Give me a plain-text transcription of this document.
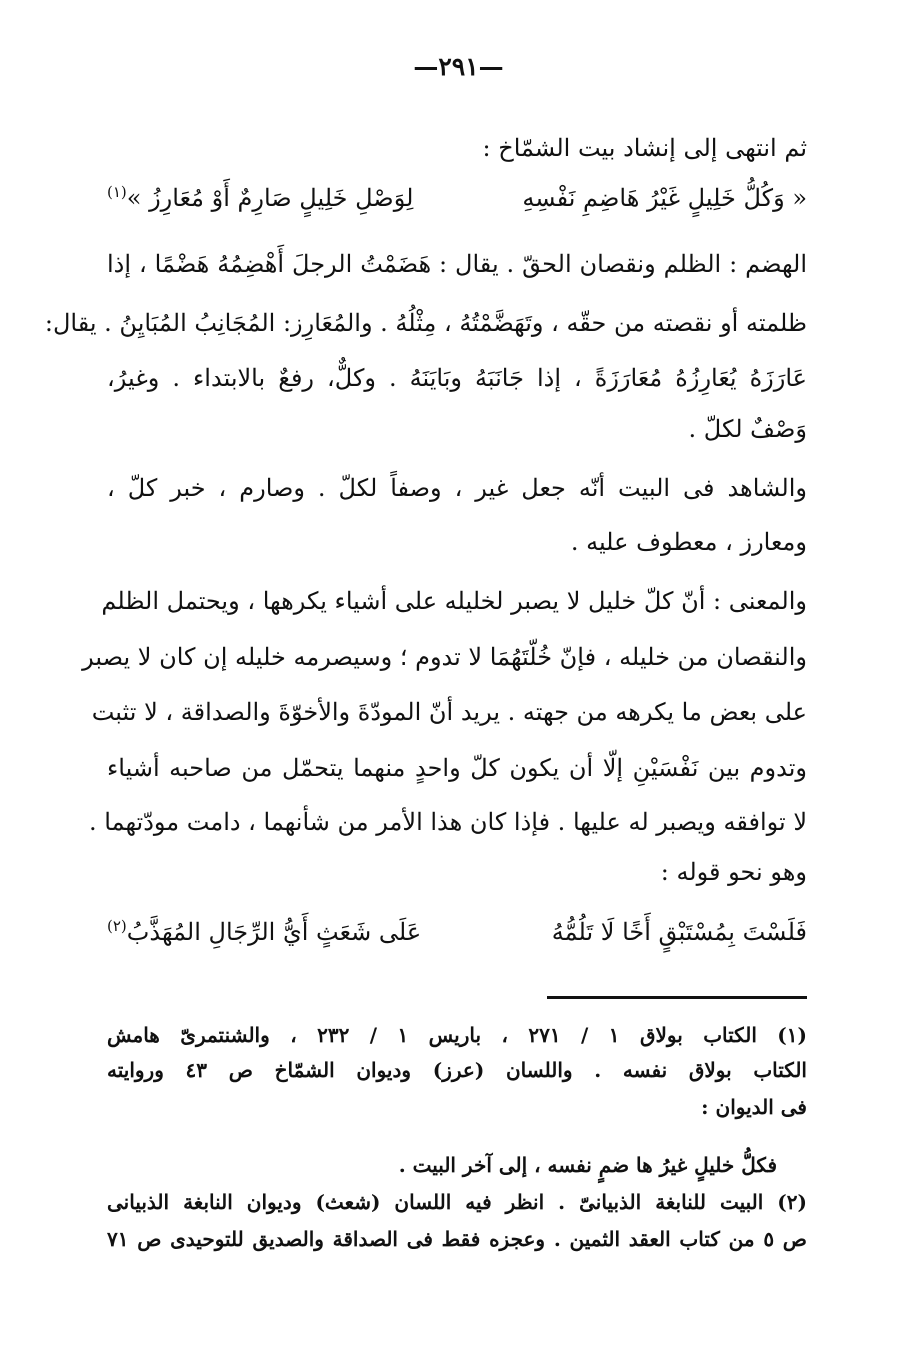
—٢٩١—
ثم انتهى إلى إنشاد بيت الشمّاخ :
« وَكُلُّ خَلِيلٍ غَيْرُ هَاضِمِ نَفْسِهِ
لِوَصْلِ خَلِيلٍ صَارِمٌ أَوْ مُعَارِزُ »$^{(١)}$
الهضم : الظلم ونقصان الحقّ . يقال : هَضَمْتُ الرجلَ أَهْضِمُهُ هَضْمًا ، إذا
ظلمته أو نقصته من حقّه ، وتَهَضَّمْتُهُ ، مِثْلُهُ . والمُعَارِز: المُجَانِبُ المُبَايِنُ . يقال:
عَارَزَهُ يُعَارِزُهُ مُعَارَزَةً ، إذا جَانَبَهُ وبَايَنَهُ . وكلٌّ، رفعٌ بالابتداء . وغيرُ،
وَصْفٌ لكلّ .
والشاهد فى البيت أنّه جعل غير ، وصفاً لكلّ . وصارم ، خبر كلّ ،
ومعارز ، معطوف عليه .
والمعنى : أنّ كلّ خليل لا يصبر لخليله على أشياء يكرهها ، ويحتمل الظلم
والنقصان من خليله ، فإنّ خُلّتَهُمَا لا تدوم ؛ وسيصرمه خليله إن كان لا يصبر
على بعض ما يكرهه من جهته . يريد أنّ المودّةَ والأخوّةَ والصداقة ، لا تثبت
وتدوم بين نَفْسَيْنِ إلّا أن يكون كلّ واحدٍ منهما يتحمّل من صاحبه أشياء
لا توافقه ويصبر له عليها . فإذا كان هذا الأمر من شأنهما ، دامت مودّتهما .
وهو نحو قوله :
فَلَسْتَ بِمُسْتَبْقٍ أَخًا لَا تَلُمُّهُ
عَلَى شَعَثٍ أَيُّ الرِّجَالِ المُهَذَّبُ$^{(٢)}$
(١) الكتاب بولاق ١ / ٢٧١ ، باريس ١ / ٢٣٢ ، والشنتمرىّ هامش
الكتاب بولاق نفسه . واللسان (عرز) وديوان الشمّاخ ص ٤٣ وروايته
فى الديوان :
فكلُّ خليلٍ غيرُ ها ضمٍ نفسه ، إلى آخر البيت .
(٢) البيت للنابغة الذبيانىّ . انظر فيه اللسان (شعث) وديوان النابغة الذبيانى
ص ٥ من كتاب العقد الثمين . وعجزه فقط فى الصداقة والصديق للتوحيدى ص ٧١
